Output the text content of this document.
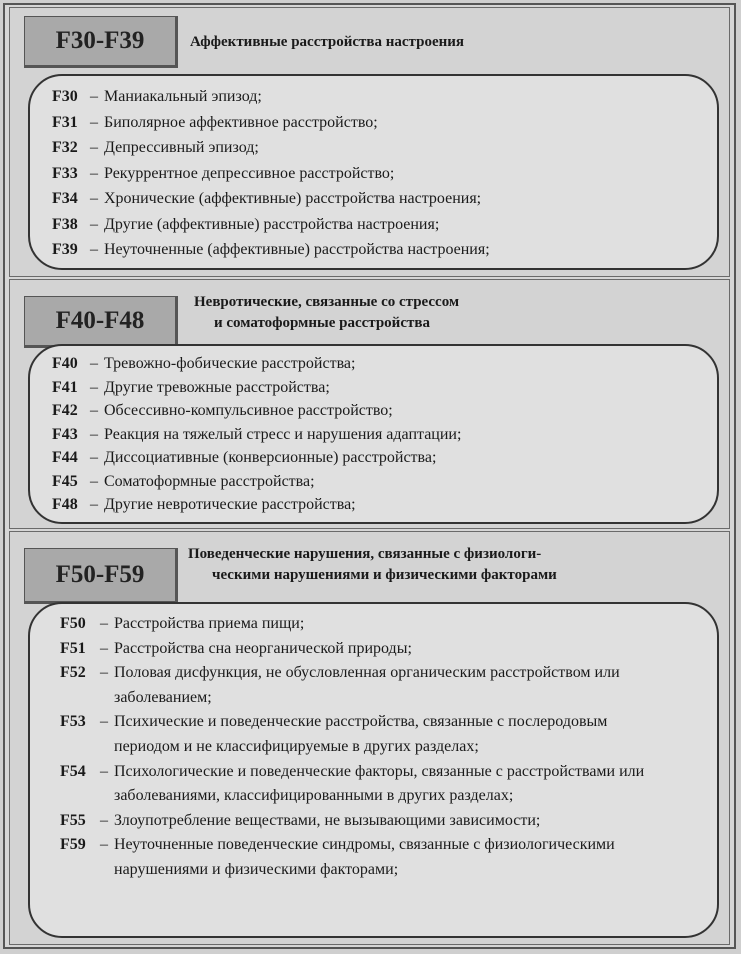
F30-F39	Аффективные расстройства настроения
F30 – Маниакальный эпизод;
F31 – Биполярное аффективное расстройство;
F32 – Депрессивный эпизод;
F33 – Рекуррентное депрессивное расстройство;
F34 – Хронические (аффективные) расстройства настроения;
F38 – Другие (аффективные) расстройства настроения;
F39 – Неуточненные (аффективные) расстройства настроения;
F40-F48
Невротические, связанные со стрессом
и соматоформные расстройства
F40 – Тревожно-фобические расстройства;
F41 – Другие тревожные расстройства;
F42 – Обсессивно-компульсивное расстройство;
F43 – Реакция на тяжелый стресс и нарушения адаптации;
F44 – Диссоциативные (конверсионные) расстройства;
F45 – Соматоформные расстройства;
F48 – Другие невротические расстройства;
F50-F59
Поведенческие нарушения, связанные с физиологи-
ческими нарушениями и физическими факторами
F50 – Расстройства приема пищи;
F51 – Расстройства сна неорганической природы;
F52 – Половая дисфункция, не обусловленная органическим расстройством или заболеванием;
F53 – Психические и поведенческие расстройства, связанные с послеродовым периодом и не классифицируемые в других разделах;
F54 – Психологические и поведенческие факторы, связанные с расстройствами или заболеваниями, классифицированными в других разделах;
F55 – Злоупотребление веществами, не вызывающими зависимости;
F59 – Неуточненные поведенческие синдромы, связанные с физиологическими нарушениями и физическими факторами;
